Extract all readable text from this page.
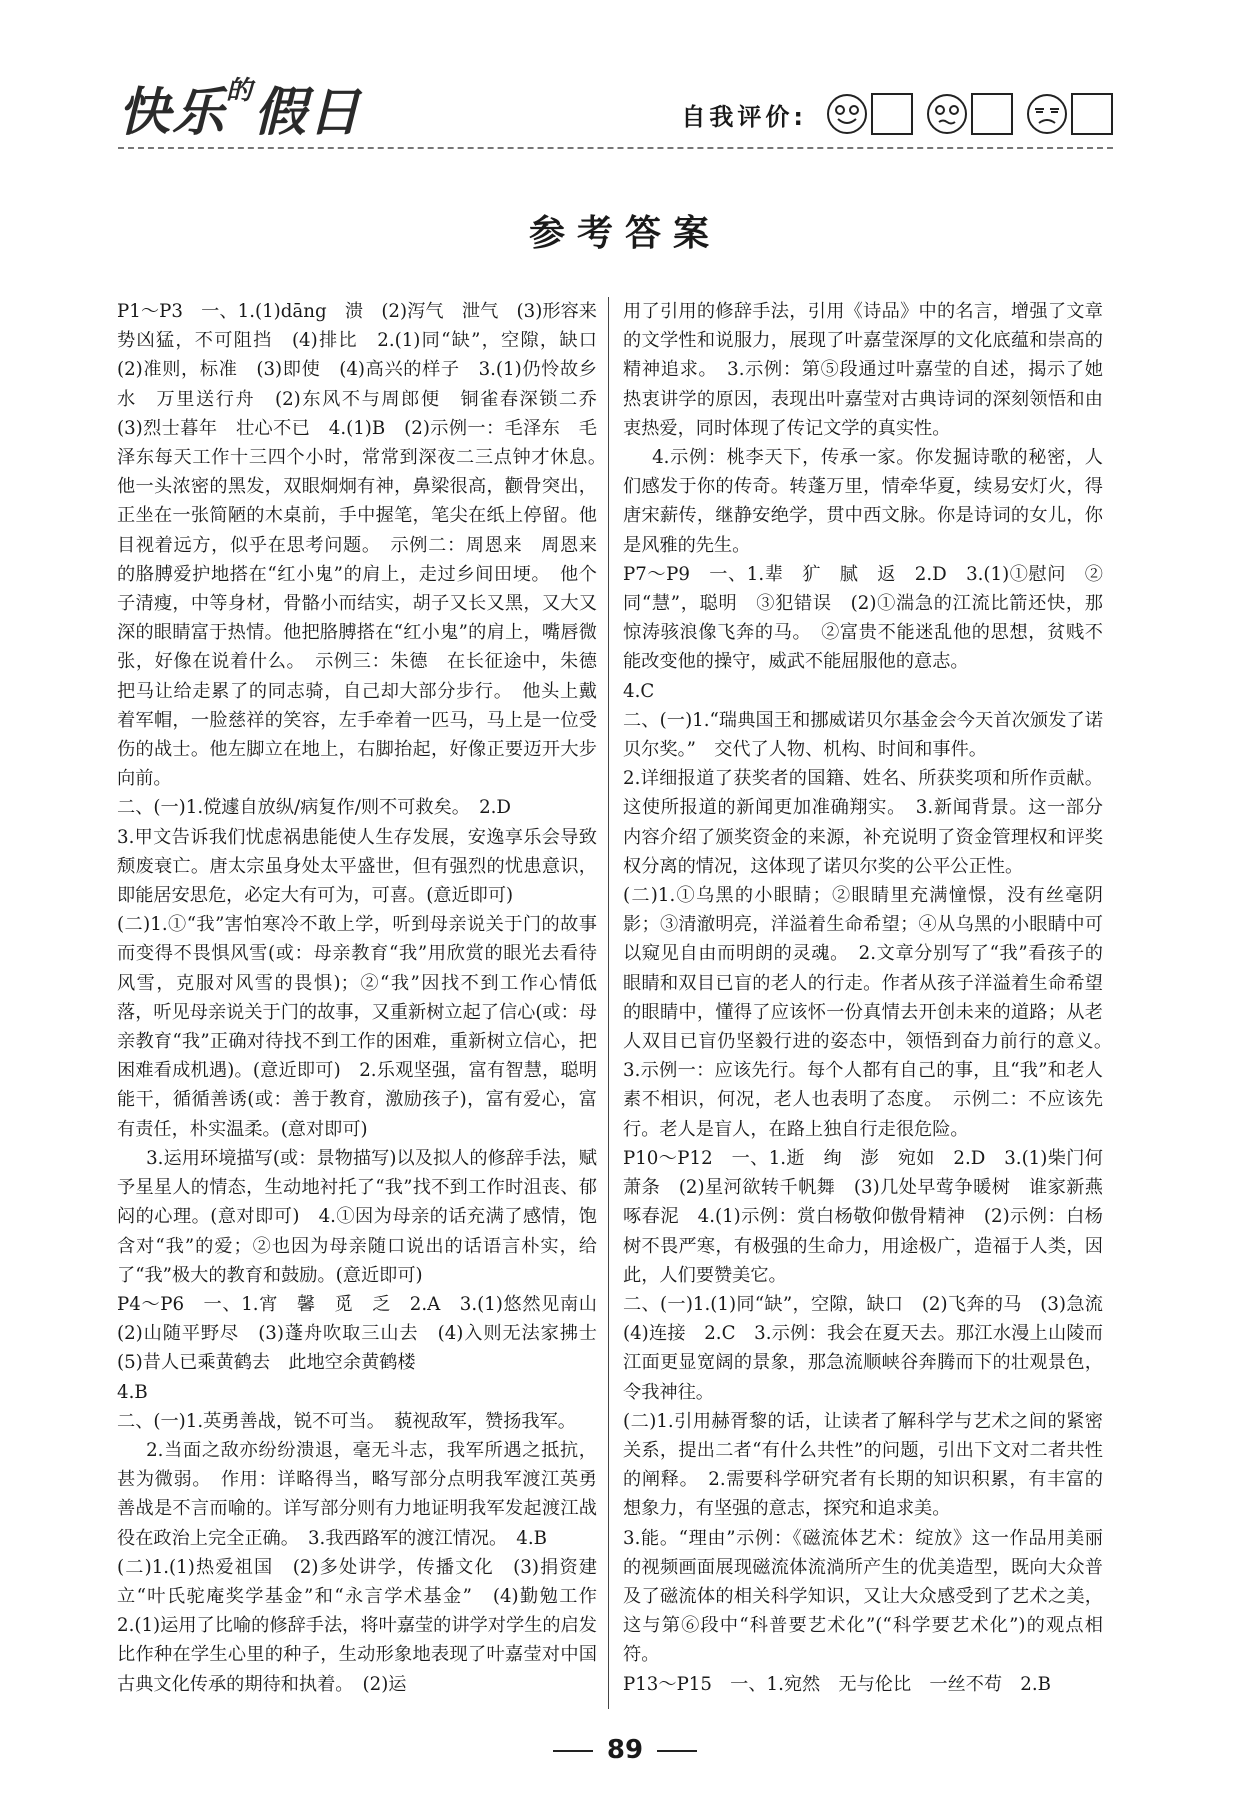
快乐$^的$假日	自我评价:
参考答案

P1～P3　一、1.(1)dāng　溃　(2)泻气　泄气　(3)形容来势凶猛，不可阻挡　(4)排比　2.(1)同“缺”，空隙，缺口　(2)准则，标准　(3)即使　(4)高兴的样子　3.(1)仍怜故乡水　万里送行舟　(2)东风不与周郎便　铜雀春深锁二乔　(3)烈士暮年　壮心不已　4.(1)B　(2)示例一：毛泽东　毛泽东每天工作十三四个小时，常常到深夜二三点钟才休息。　他一头浓密的黑发，双眼炯炯有神，鼻梁很高，颧骨突出，正坐在一张简陋的木桌前，手中握笔，笔尖在纸上停留。他目视着远方，似乎在思考问题。　示例二：周恩来　周恩来的胳膊爱护地搭在“红小鬼”的肩上，走过乡间田埂。　他个子清瘦，中等身材，骨骼小而结实，胡子又长又黑，又大又深的眼睛富于热情。他把胳膊搭在“红小鬼”的肩上，嘴唇微张，好像在说着什么。　示例三：朱德　在长征途中，朱德把马让给走累了的同志骑，自己却大部分步行。　他头上戴着军帽，一脸慈祥的笑容，左手牵着一匹马，马上是一位受伤的战士。他左脚立在地上，右脚抬起，好像正要迈开大步向前。

二、(一)1.傥遽自放纵/病复作/则不可救矣。　2.D

3.甲文告诉我们忧虑祸患能使人生存发展，安逸享乐会导致颓废衰亡。唐太宗虽身处太平盛世，但有强烈的忧患意识，即能居安思危，必定大有可为，可喜。(意近即可)

(二)1.①“我”害怕寒冷不敢上学，听到母亲说关于门的故事而变得不畏惧风雪(或：母亲教育“我”用欣赏的眼光去看待风雪，克服对风雪的畏惧)；②“我”因找不到工作心情低落，听见母亲说关于门的故事，又重新树立起了信心(或：母亲教育“我”正确对待找不到工作的困难，重新树立信心，把困难看成机遇)。(意近即可)　2.乐观坚强，富有智慧，聪明能干，循循善诱(或：善于教育，激励孩子)，富有爱心，富有责任，朴实温柔。(意对即可)

3.运用环境描写(或：景物描写)以及拟人的修辞手法，赋予星星人的情态，生动地衬托了“我”找不到工作时沮丧、郁闷的心理。(意对即可)　4.①因为母亲的话充满了感情，饱含对“我”的爱；②也因为母亲随口说出的话语言朴实，给了“我”极大的教育和鼓励。(意近即可)

P4～P6　一、1.宵　馨　觅　乏　2.A　3.(1)悠然见南山　(2)山随平野尽　(3)蓬舟吹取三山去　(4)入则无法家拂士　(5)昔人已乘黄鹤去　此地空余黄鹤楼

4.B

二、(一)1.英勇善战，锐不可当。　藐视敌军，赞扬我军。

2.当面之敌亦纷纷溃退，毫无斗志，我军所遇之抵抗，甚为微弱。　作用：详略得当，略写部分点明我军渡江英勇善战是不言而喻的。详写部分则有力地证明我军发起渡江战役在政治上完全正确。　3.我西路军的渡江情况。　4.B

(二)1.(1)热爱祖国　(2)多处讲学，传播文化　(3)捐资建立“叶氏驼庵奖学基金”和“永言学术基金”　(4)勤勉工作　2.(1)运用了比喻的修辞手法，将叶嘉莹的讲学对学生的启发比作种在学生心里的种子，生动形象地表现了叶嘉莹对中国古典文化传承的期待和执着。　(2)运

用了引用的修辞手法，引用《诗品》中的名言，增强了文章的文学性和说服力，展现了叶嘉莹深厚的文化底蕴和崇高的精神追求。　3.示例：第⑤段通过叶嘉莹的自述，揭示了她热衷讲学的原因，表现出叶嘉莹对古典诗词的深刻领悟和由衷热爱，同时体现了传记文学的真实性。

4.示例：桃李天下，传承一家。你发掘诗歌的秘密，人们感发于你的传奇。转蓬万里，情牵华夏，续易安灯火，得唐宋薪传，继静安绝学，贯中西文脉。你是诗词的女儿，你是风雅的先生。

P7～P9　一、1.辈　犷　腻　返　2.D　3.(1)①慰问　②同“慧”，聪明　③犯错误　(2)①湍急的江流比箭还快，那惊涛骇浪像飞奔的马。　②富贵不能迷乱他的思想，贫贱不能改变他的操守，威武不能屈服他的意志。

4.C

二、(一)1.“瑞典国王和挪威诺贝尔基金会今天首次颁发了诺贝尔奖。”　交代了人物、机构、时间和事件。

2.详细报道了获奖者的国籍、姓名、所获奖项和所作贡献。这使所报道的新闻更加准确翔实。　3.新闻背景。这一部分内容介绍了颁奖资金的来源，补充说明了资金管理权和评奖权分离的情况，这体现了诺贝尔奖的公平公正性。

(二)1.①乌黑的小眼睛；②眼睛里充满憧憬，没有丝毫阴影；③清澈明亮，洋溢着生命希望；④从乌黑的小眼睛中可以窥见自由而明朗的灵魂。　2.文章分别写了“我”看孩子的眼睛和双目已盲的老人的行走。作者从孩子洋溢着生命希望的眼睛中，懂得了应该怀一份真情去开创未来的道路；从老人双目已盲仍坚毅行进的姿态中，领悟到奋力前行的意义。　3.示例一：应该先行。每个人都有自己的事，且“我”和老人素不相识，何况，老人也表明了态度。　示例二：不应该先行。老人是盲人，在路上独自行走很危险。

P10～P12　一、1.逝　绚　澎　宛如　2.D　3.(1)柴门何萧条　(2)星河欲转千帆舞　(3)几处早莺争暖树　谁家新燕啄春泥　4.(1)示例：赏白杨敬仰傲骨精神　(2)示例：白杨树不畏严寒，有极强的生命力，用途极广，造福于人类，因此，人们要赞美它。

二、(一)1.(1)同“缺”，空隙，缺口　(2)飞奔的马　(3)急流　(4)连接　2.C　3.示例：我会在夏天去。那江水漫上山陵而江面更显宽阔的景象，那急流顺峡谷奔腾而下的壮观景色，令我神往。

(二)1.引用赫胥黎的话，让读者了解科学与艺术之间的紧密关系，提出二者“有什么共性”的问题，引出下文对二者共性的阐释。　2.需要科学研究者有长期的知识积累，有丰富的想象力，有坚强的意志，探究和追求美。

3.能。“理由”示例：《磁流体艺术：绽放》这一作品用美丽的视频画面展现磁流体流淌所产生的优美造型，既向大众普及了磁流体的相关科学知识，又让大众感受到了艺术之美，这与第⑥段中“科普要艺术化”(“科学要艺术化”)的观点相符。

P13～P15　一、1.宛然　无与伦比　一丝不苟　2.B

89
